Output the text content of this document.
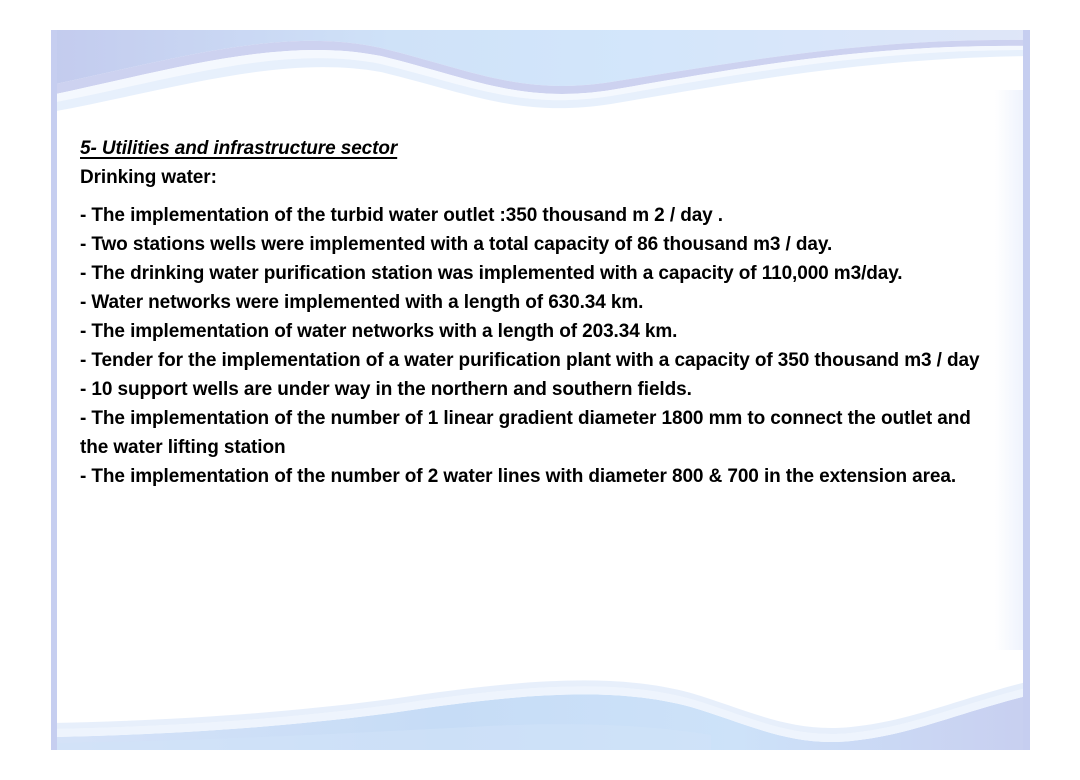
5- Utilities and infrastructure sector

Drinking water:

- The implementation of the turbid water outlet :350 thousand m 2 / day .
- Two stations wells were implemented with a total capacity of 86 thousand m3 / day.
- The drinking water purification station was implemented with a capacity of 110,000 m3/day.
- Water networks were implemented with a length of 630.34 km.
- The implementation of water networks with a length of 203.34 km.
- Tender for the implementation of a water purification plant with a capacity of 350 thousand m3 / day
- 10 support wells are under way in the northern and southern fields.
- The implementation of the number of 1 linear gradient diameter 1800 mm to connect the outlet and the water lifting station
- The implementation of the number of 2 water lines with diameter 800 & 700 in the extension area.
